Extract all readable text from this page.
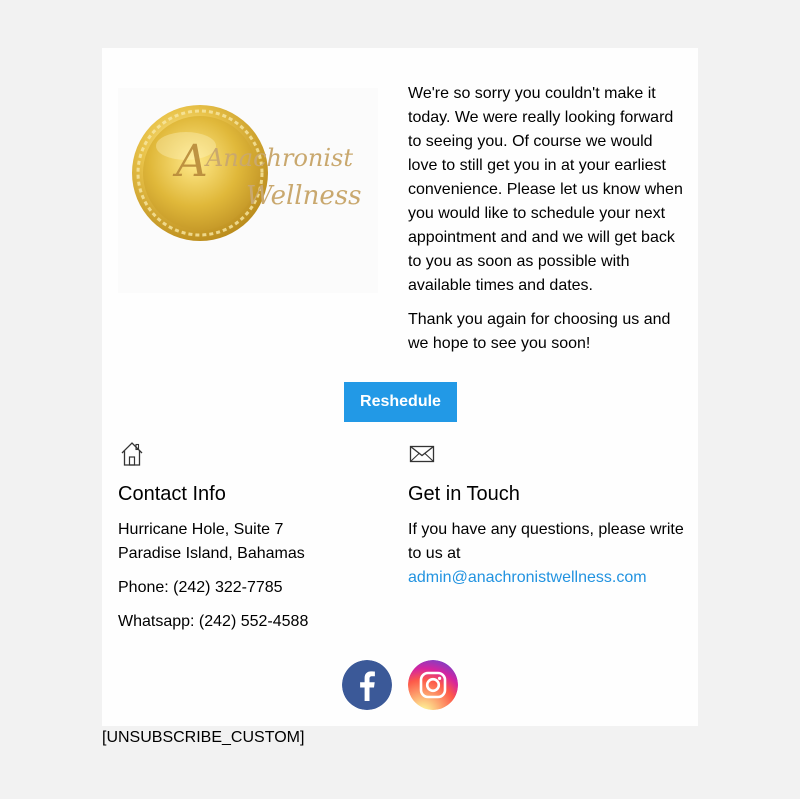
A
Anachronist
Wellness

We're so sorry you couldn't make it today. We were really looking forward to seeing you. Of course we would love to still get you in at your earliest convenience. Please let us know when you would like to schedule your next appointment and and we will get back to you as soon as possible with available times and dates.

Thank you again for choosing us and we hope to see you soon!

Reshedule
Contact Info

Hurricane Hole, Suite 7
Paradise Island, Bahamas

Phone: (242) 322-7785

Whatsapp: (242) 552-4588

Get in Touch

If you have any questions, please write to us at
admin@anachronistwellness.com

[UNSUBSCRIBE_CUSTOM]
